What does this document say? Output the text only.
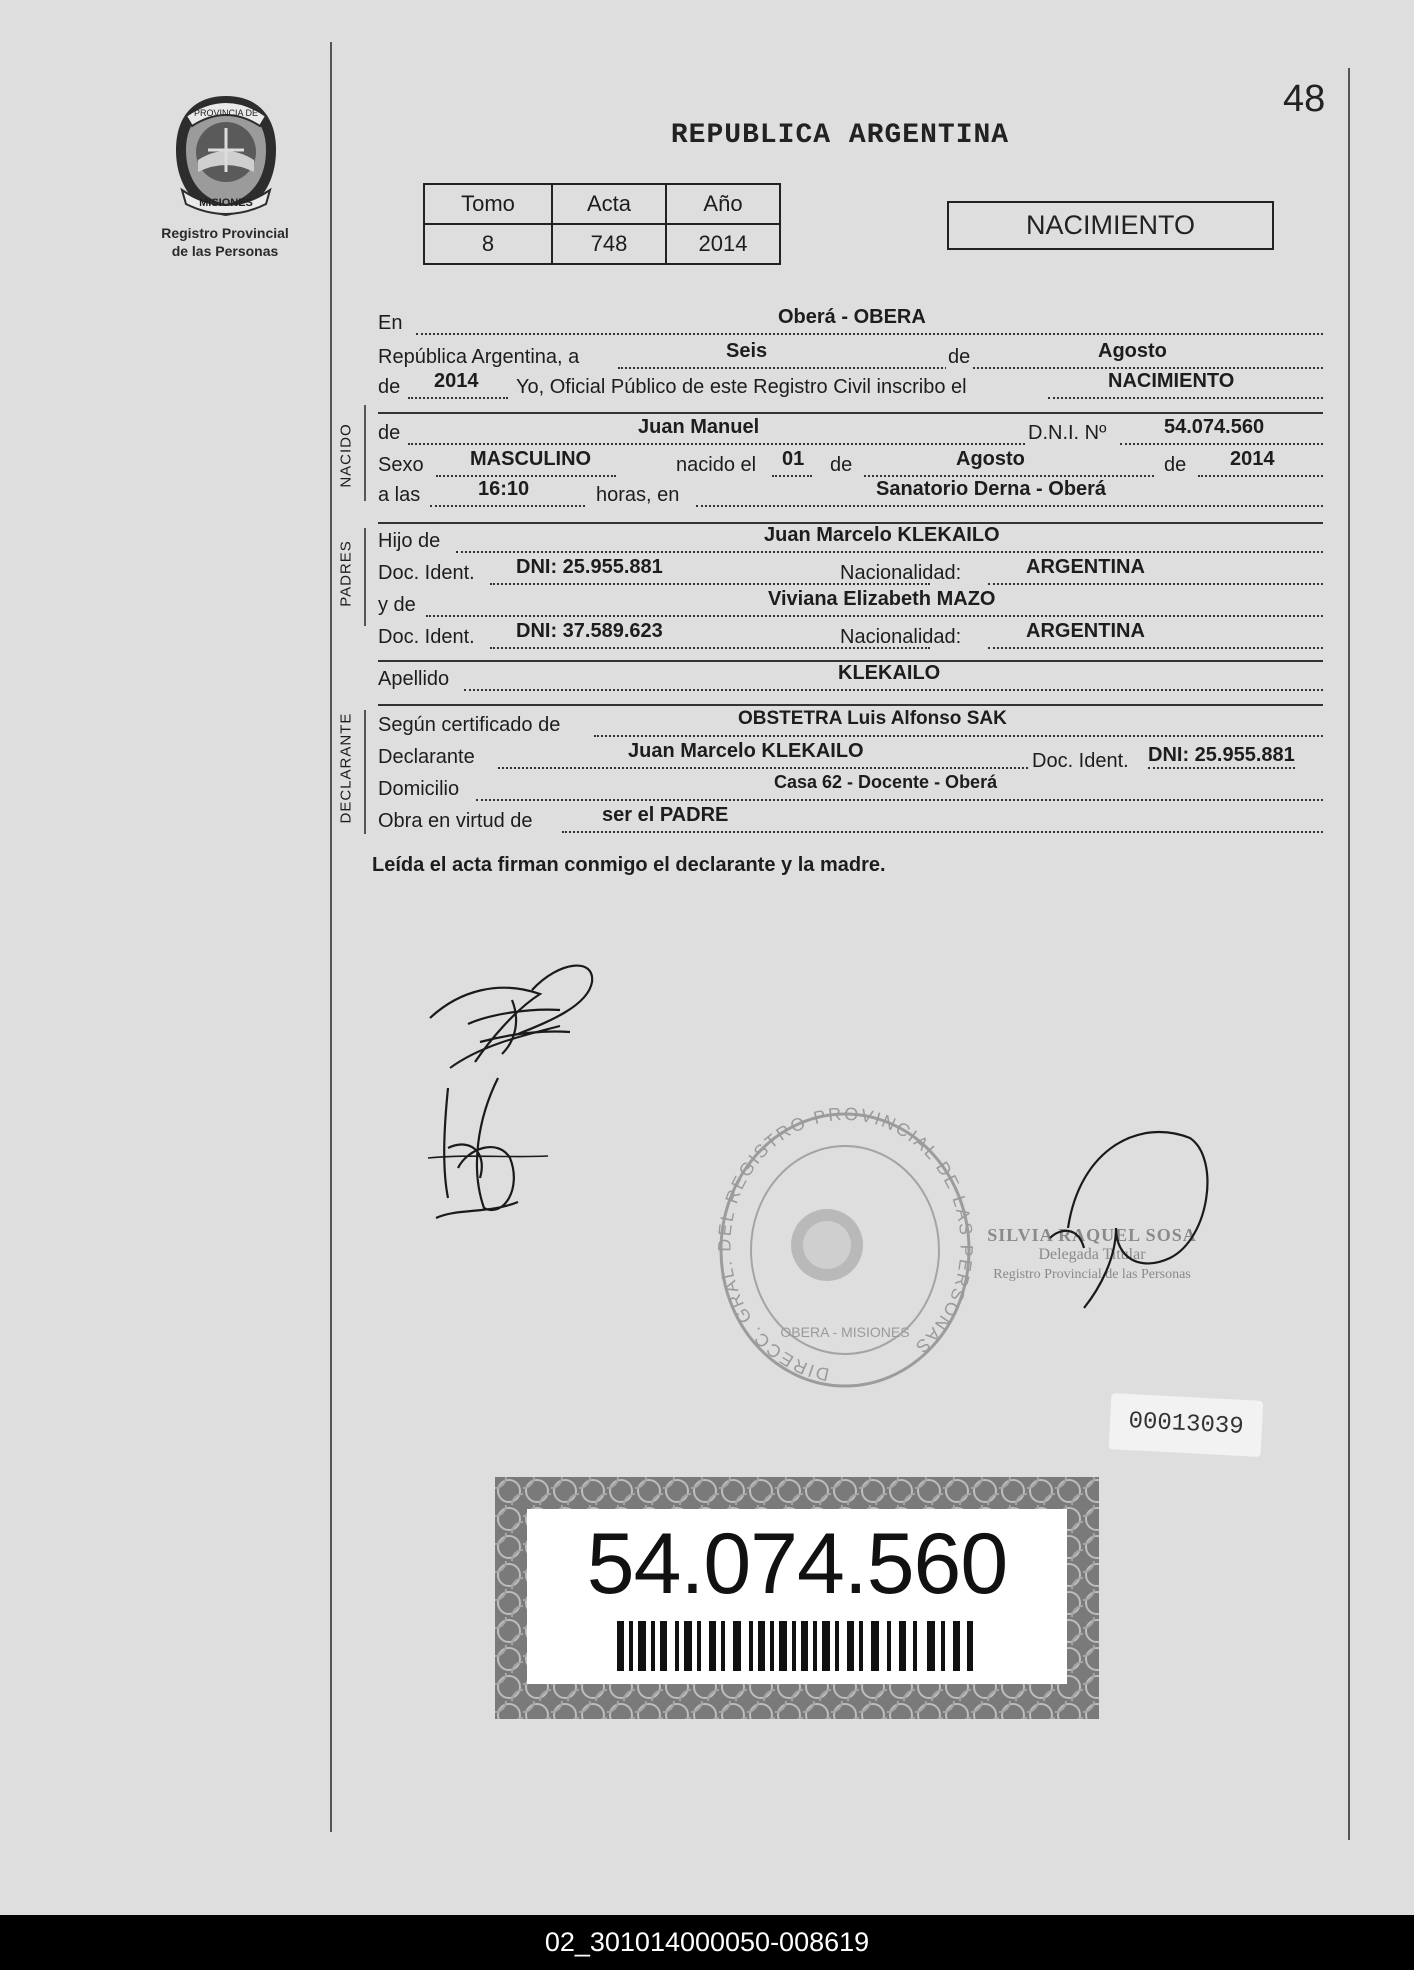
48
PROVINCIA DE
MISIONES
Registro Provincial
de las Personas
REPUBLICA ARGENTINA
Tomo	Acta	Año
8	748	2014
NACIMIENTO
NACIDO
PADRES
DECLARANTE
En	Oberá - OBERA
República Argentina, a	Seis	de	Agosto
de 2014 Yo, Oficial Público de este Registro Civil inscribo el	NACIMIENTO
de	Juan Manuel	D.N.I. Nº	54.074.560
Sexo MASCULINO	nacido el 01 de	Agosto	de 2014
a las	16:10	horas, en	Sanatorio Derna - Oberá
Hijo de	Juan Marcelo KLEKAILO
Doc. Ident. DNI: 25.955.881	Nacionalidad:	ARGENTINA
y de	Viviana Elizabeth MAZO
Doc. Ident. DNI: 37.589.623	Nacionalidad:	ARGENTINA
Apellido	KLEKAILO
Según certificado de	OBSTETRA Luis Alfonso SAK
Declarante	Juan Marcelo KLEKAILO	Doc. Ident. DNI: 25.955.881
Domicilio	Casa 62 - Docente - Oberá
Obra en virtud de	ser el PADRE
Leída el acta firman conmigo el declarante y la madre.
DIRECC. GRAL. DEL REGISTRO PROVINCIAL DE LAS PERSONAS
OBERA - MISIONES
SILVIA RAQUEL SOSA
Delegada Titular
Registro Provincial de las Personas
00013039
54.074.560
02_301014000050-008619
